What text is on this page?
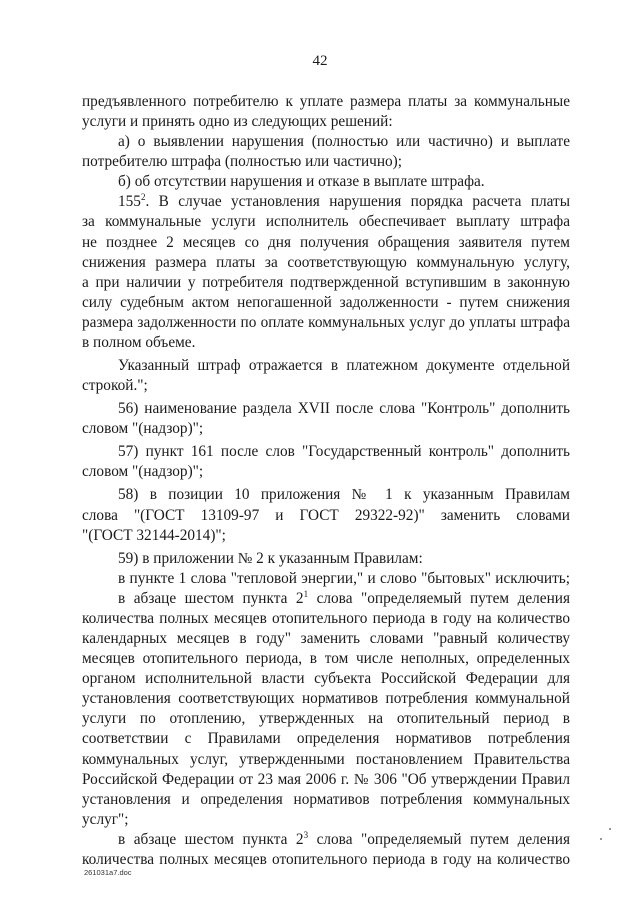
42
предъявленного потребителю к уплате размера платы за коммунальные
услуги и принять одно из следующих решений:
а) о выявлении нарушения (полностью или частично) и выплате
потребителю штрафа (полностью или частично);
б) об отсутствии нарушения и отказе в выплате штрафа.
$155^2$. В случае установления нарушения порядка расчета платы
за коммунальные услуги исполнитель обеспечивает выплату штрафа
не позднее 2 месяцев со дня получения обращения заявителя путем
снижения размера платы за соответствующую коммунальную услугу,
а при наличии у потребителя подтвержденной вступившим в законную
силу судебным актом непогашенной задолженности - путем снижения
размера задолженности по оплате коммунальных услуг до уплаты штрафа
в полном объеме.
Указанный штраф отражается в платежном документе отдельной
строкой.";
56) наименование раздела XVII после слова "Контроль" дополнить
словом "(надзор)";
57) пункт 161 после слов "Государственный контроль" дополнить
словом "(надзор)";
58) в позиции 10 приложения № 1 к указанным Правилам
слова "(ГОСТ 13109-97 и ГОСТ 29322-92)" заменить словами
"(ГОСТ 32144-2014)";
59) в приложении № 2 к указанным Правилам:
в пункте 1 слова "тепловой энергии," и слово "бытовых" исключить;
в абзаце шестом пункта $2^1$ слова "определяемый путем деления
количества полных месяцев отопительного периода в году на количество
календарных месяцев в году" заменить словами "равный количеству
месяцев отопительного периода, в том числе неполных, определенных
органом исполнительной власти субъекта Российской Федерации для
установления соответствующих нормативов потребления коммунальной
услуги по отоплению, утвержденных на отопительный период в
соответствии с Правилами определения нормативов потребления
коммунальных услуг, утвержденными постановлением Правительства
Российской Федерации от 23 мая 2006 г. № 306 "Об утверждении Правил
установления и определения нормативов потребления коммунальных
услуг";
в абзаце шестом пункта $2^3$ слова "определяемый путем деления
количества полных месяцев отопительного периода в году на количество
261031a7.doc
